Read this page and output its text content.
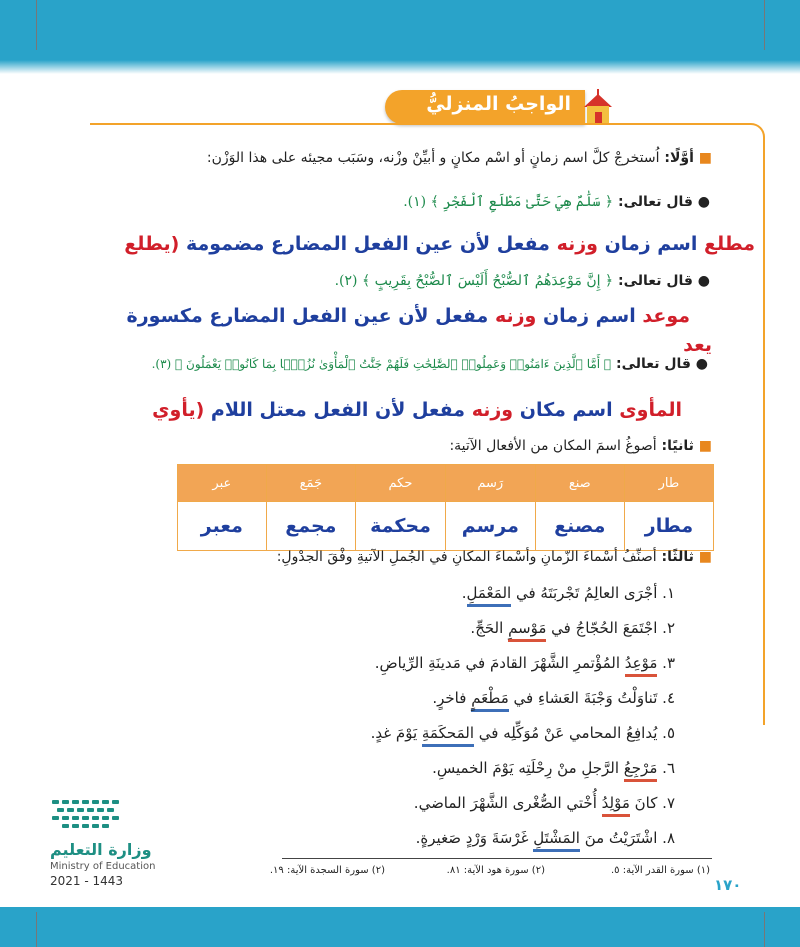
الواجبُ المنزليُّ
■ أوَّلًا: اُستخرجْ كلَّ اسم زمانٍ أو اسْم مكانٍ و أبيِّنْ وزْنه، وسَبَب مجيئه على هذا الوَزْن:
● قال تعالى: ﴿ سَلَٰمٌ هِيَ حَتَّىٰ مَطْلَعِ ٱلْفَجْرِ ﴾ (١).
مطلع اسم زمان وزنه مفعل لأن عين الفعل المضارع مضمومة (يطلع
● قال تعالى: ﴿ إِنَّ مَوْعِدَهُمُ ٱلصُّبْحُ أَلَيْسَ ٱلصُّبْحُ بِقَرِيبٍ ﴾ (٢).
موعد اسم زمان وزنه مفعل لأن عين الفعل المضارع مكسورة
يعد
● قال تعالى: ﴿ أَمَّا ٱلَّذِينَ ءَامَنُوا۟ وَعَمِلُوا۟ ٱلصَّٰلِحَٰتِ فَلَهُمْ جَنَّٰتُ ٱلْمَأْوَىٰ نُزُلًۢا بِمَا كَانُوا۟ يَعْمَلُونَ ﴾ (٣).
المأوى اسم مكان وزنه مفعل لأن الفعل معتل اللام (يأوي
■ ثانيًا: أصوغُ اسمَ المكان من الأفعال الآتية:
طار	صنع	رَسم	حكم	جَمَع	عبر
مطار	مصنع	مرسم	محكمة	مجمع	معبر
■ ثالثًا: أصنِّفُ أسْماءَ الزّمانِ وأسْماءَ المكانِ في الجُملِ الآتيةِ وفْقَ الجدْولِ:
١. أجْرَى العالِمُ تَجْربَتَهُ في المَعْمَلِ.
٢. اجْتَمَعَ الحُجّاجُ في مَوْسمِ الحَجِّ.
٣. مَوْعِدُ المُؤْتمرِ الشَّهْرَ القادمَ في مَدينَةِ الرِّياضِ.
٤. تَناوَلْتُ وَجْبَةَ العَشاءِ في مَطْعَمٍ فاخرٍ.
٥. يُدافِعُ المحامي عَنْ مُوَكِّلِه في المَحكَمَةِ يَوْمَ غدٍ.
٦. مَرْجِعُ الرَّجلِ منْ رِحْلَتِه يَوْمَ الخميسِ.
٧. كانَ مَوْلِدُ أُخْتي الصُّغْرى الشَّهْرَ الماضي.
٨. اشْتَرَيْتُ منَ المَشْتَلِ غَرْسَةَ وَرْدٍ صَغيرةٍ.
(١) سورة القدر الآية: ٥.
(٢) سورة هود الآية: ٨١.
(٢) سورة السجدة الآية: ١٩.
١٧٠
وزارة التعليم
Ministry of Education
2021 - 1443
